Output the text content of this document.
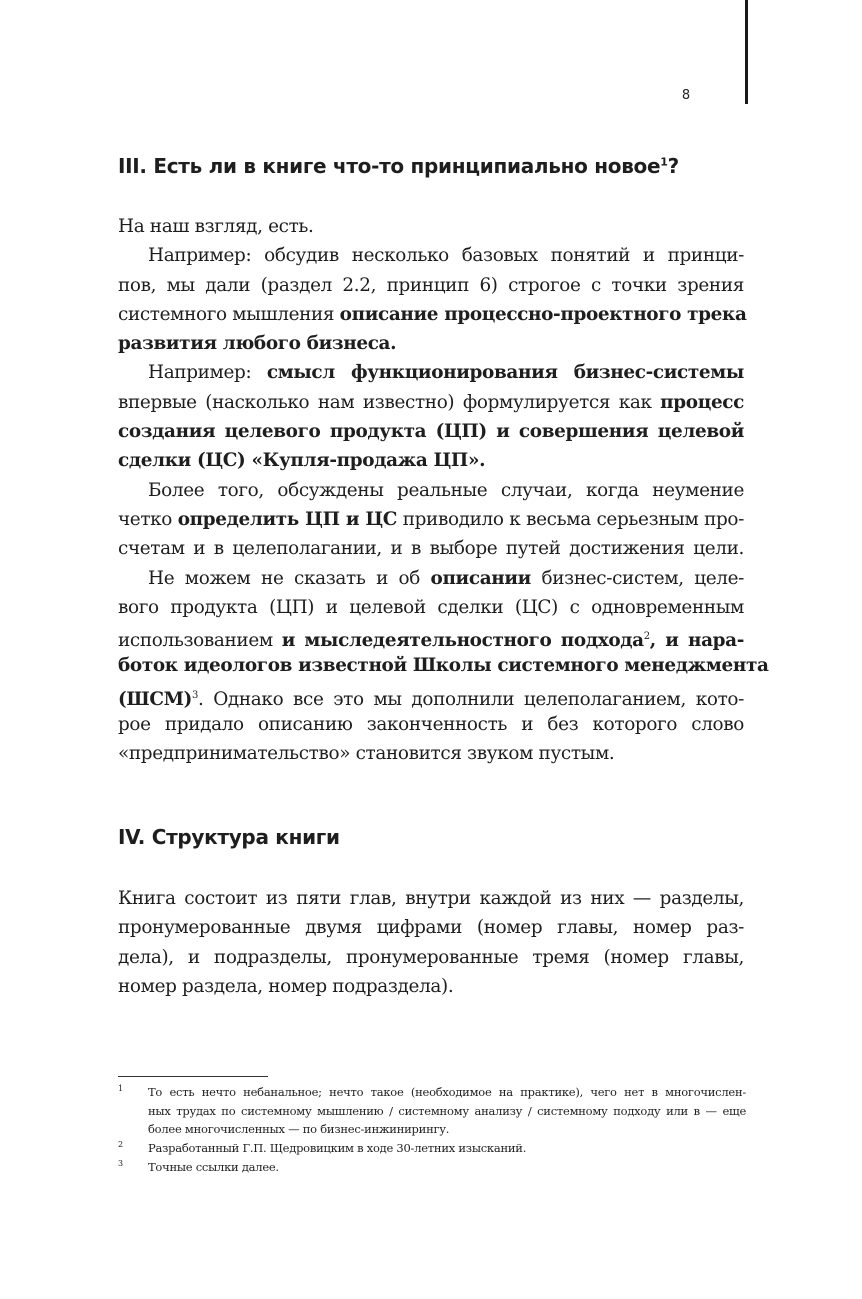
8
III. Есть ли в книге что-то принципиально новое$^1$?
На наш взгляд, есть.
Например: обсудив несколько базовых понятий и принци-
пов, мы дали (раздел 2.2, принцип 6) строгое с точки зрения
системного мышления описание процессно-проектного трека
развития любого бизнеса.
Например: смысл функционирования бизнес-системы
впервые (насколько нам известно) формулируется как процесс
создания целевого продукта (ЦП) и совершения целевой
сделки (ЦС) «Купля-продажа ЦП».
Более того, обсуждены реальные случаи, когда неумение
четко определить ЦП и ЦС приводило к весьма серьезным про-
счетам и в целеполагании, и в выборе путей достижения цели.
Не можем не сказать и об описании бизнес-систем, целе-
вого продукта (ЦП) и целевой сделки (ЦС) с одновременным
использованием и мыследеятельностного подхода$^2$, и нара-
боток идеологов известной Школы системного менеджмента
(ШСМ)$^3$. Однако все это мы дополнили целеполаганием, кото-
рое придало описанию законченность и без которого слово
«предпринимательство» становится звуком пустым.
IV. Структура книги
Книга состоит из пяти глав, внутри каждой из них — разделы,
пронумерованные двумя цифрами (номер главы, номер раз-
дела), и подразделы, пронумерованные тремя (номер главы,
номер раздела, номер подраздела).
1 То есть нечто небанальное; нечто такое (необходимое на практике), чего нет в многочислен-
ных трудах по системному мышлению / системному анализу / системному подходу или в — еще
более многочисленных — по бизнес-инжинирингу.
2 Разработанный Г.П. Щедровицким в ходе 30-летних изысканий.
3 Точные ссылки далее.
